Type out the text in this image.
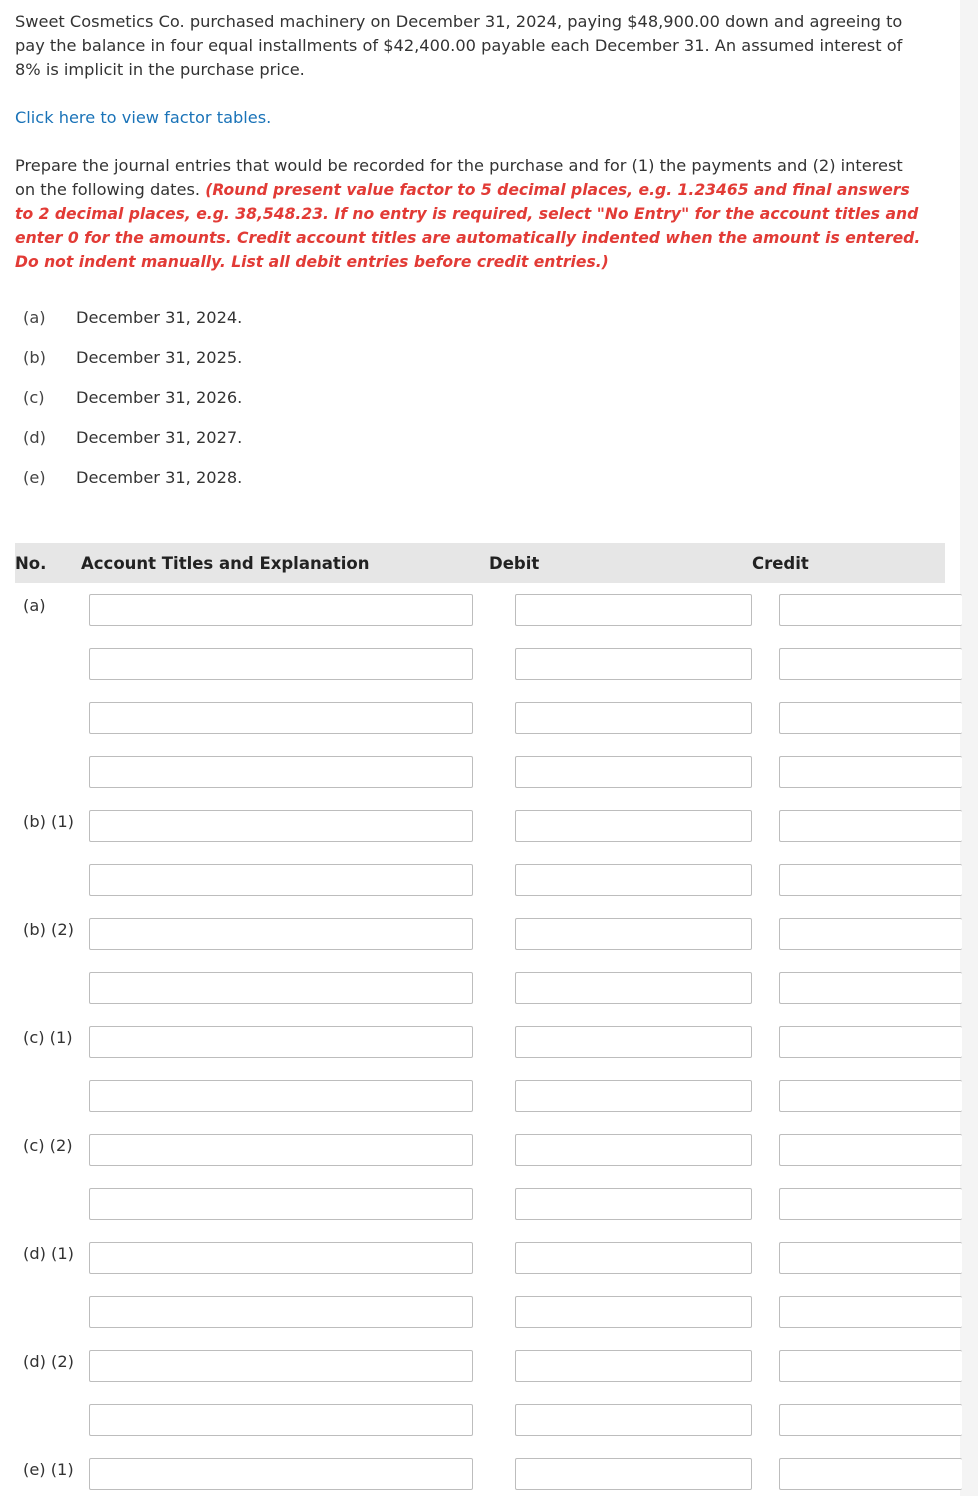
Sweet Cosmetics Co. purchased machinery on December 31, 2024, paying $48,900.00 down and agreeing to pay the balance in four equal installments of $42,400.00 payable each December 31. An assumed interest of 8% is implicit in the purchase price.

Click here to view factor tables.

Prepare the journal entries that would be recorded for the purchase and for (1) the payments and (2) interest on the following dates. (Round present value factor to 5 decimal places, e.g. 1.23465 and final answers to 2 decimal places, e.g. 38,548.23. If no entry is required, select "No Entry" for the account titles and enter 0 for the amounts. Credit account titles are automatically indented when the amount is entered. Do not indent manually. List all debit entries before credit entries.)

(a)	December 31, 2024.
(b)	December 31, 2025.
(c)	December 31, 2026.
(d)	December 31, 2027.
(e)	December 31, 2028.
No.	Account Titles and Explanation	Debit	Credit
(a)	

(b) (1)	

(b) (2)	

(c) (1)	

(c) (2)	

(d) (1)	

(d) (2)	

(e) (1)	
